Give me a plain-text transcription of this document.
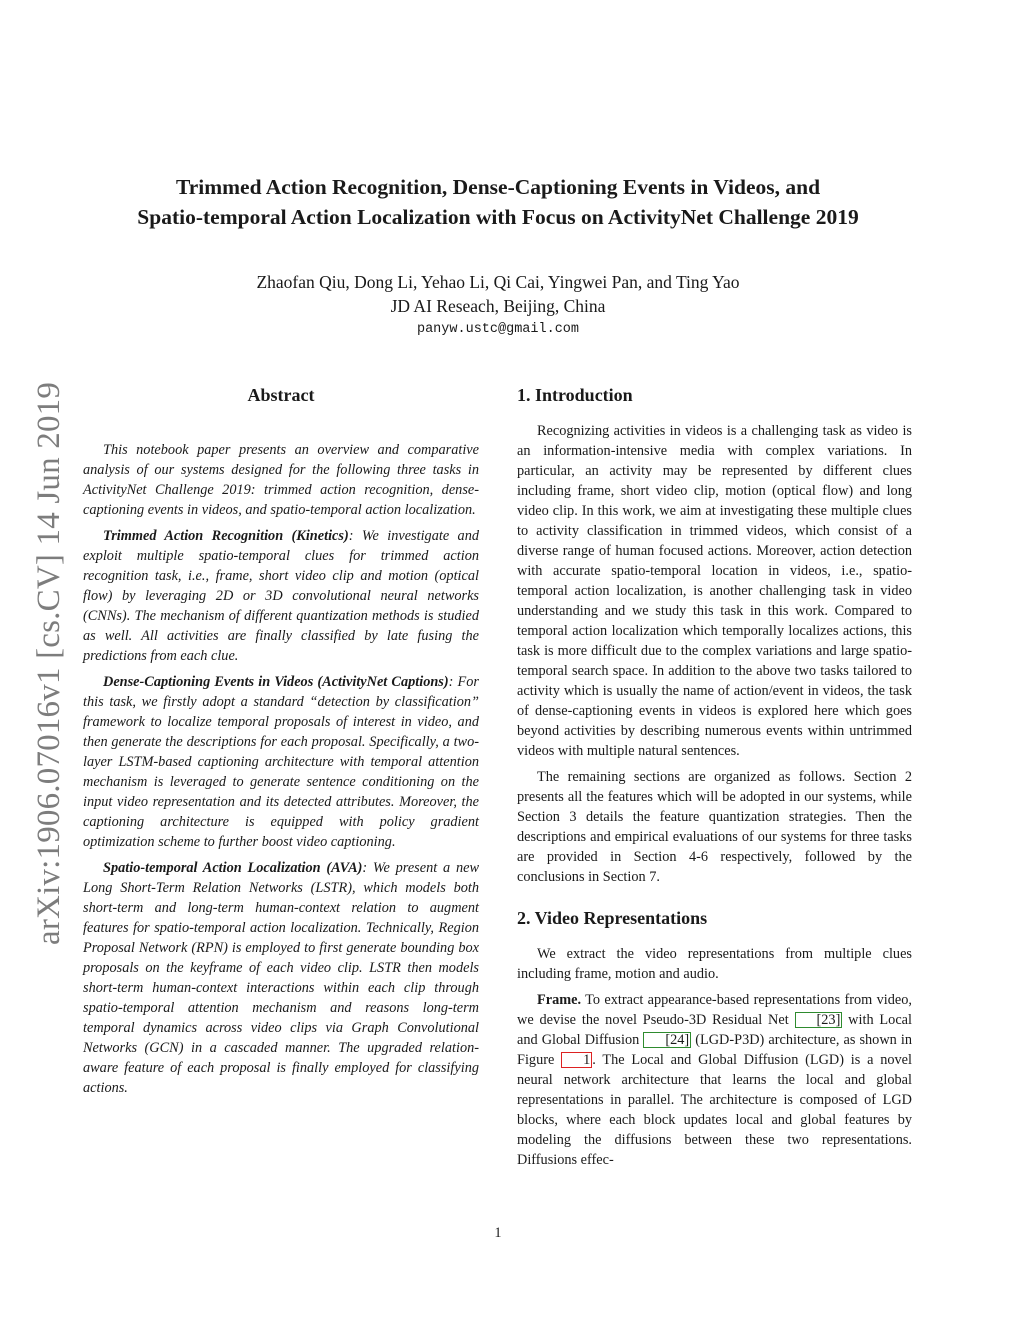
Trimmed Action Recognition, Dense-Captioning Events in Videos, and
Spatio-temporal Action Localization with Focus on ActivityNet Challenge 2019
Zhaofan Qiu, Dong Li, Yehao Li, Qi Cai, Yingwei Pan, and Ting Yao
JD AI Reseach, Beijing, China
panyw.ustc@gmail.com
arXiv:1906.07016v1 [cs.CV] 14 Jun 2019	Abstract

This notebook paper presents an overview and comparative analysis of our systems designed for the following three tasks in ActivityNet Challenge 2019: trimmed action recognition, dense-captioning events in videos, and spatio-temporal action localization.

Trimmed Action Recognition (Kinetics): We investigate and exploit multiple spatio-temporal clues for trimmed action recognition task, i.e., frame, short video clip and motion (optical flow) by leveraging 2D or 3D convolutional neural networks (CNNs). The mechanism of different quantization methods is studied as well. All activities are finally classified by late fusing the predictions from each clue.

Dense-Captioning Events in Videos (ActivityNet Captions): For this task, we firstly adopt a standard “detection by classification” framework to localize temporal proposals of interest in video, and then generate the descriptions for each proposal. Specifically, a two-layer LSTM-based captioning architecture with temporal attention mechanism is leveraged to generate sentence conditioning on the input video representation and its detected attributes. Moreover, the captioning architecture is equipped with policy gradient optimization scheme to further boost video captioning.

Spatio-temporal Action Localization (AVA): We present a new Long Short-Term Relation Networks (LSTR), which models both short-term and long-term human-context relation to augment features for spatio-temporal action localization. Technically, Region Proposal Network (RPN) is employed to first generate bounding box proposals on the keyframe of each video clip. LSTR then models short-term human-context interactions within each clip through spatio-temporal attention mechanism and reasons long-term temporal dynamics across video clips via Graph Convolutional Networks (GCN) in a cascaded manner. The upgraded relation-aware feature of each proposal is finally employed for classifying actions.

1. Introduction

Recognizing activities in videos is a challenging task as video is an information-intensive media with complex variations. In particular, an activity may be represented by different clues including frame, short video clip, motion (optical flow) and long video clip. In this work, we aim at investigating these multiple clues to activity classification in trimmed videos, which consist of a diverse range of human focused actions. Moreover, action detection with accurate spatio-temporal location in videos, i.e., spatio-temporal action localization, is another challenging task in video understanding and we study this task in this work. Compared to temporal action localization which temporally localizes actions, this task is more difficult due to the complex variations and large spatio-temporal search space. In addition to the above two tasks tailored to activity which is usually the name of action/event in videos, the task of dense-captioning events in videos is explored here which goes beyond activities by describing numerous events within untrimmed videos with multiple natural sentences.

The remaining sections are organized as follows. Section 2 presents all the features which will be adopted in our systems, while Section 3 details the feature quantization strategies. Then the descriptions and empirical evaluations of our systems for three tasks are provided in Section 4-6 respectively, followed by the conclusions in Section 7.

2. Video Representations

We extract the video representations from multiple clues including frame, motion and audio.

Frame. To extract appearance-based representations from video, we devise the novel Pseudo-3D Residual Net [23] with Local and Global Diffusion [24] (LGD-P3D) architecture, as shown in Figure 1 . The Local and Global Diffusion (LGD) is a novel neural network architecture that learns the local and global representations in parallel. The architecture is composed of LGD blocks, where each block updates local and global features by modeling the diffusions between these two representations. Diffusions effec-

1
